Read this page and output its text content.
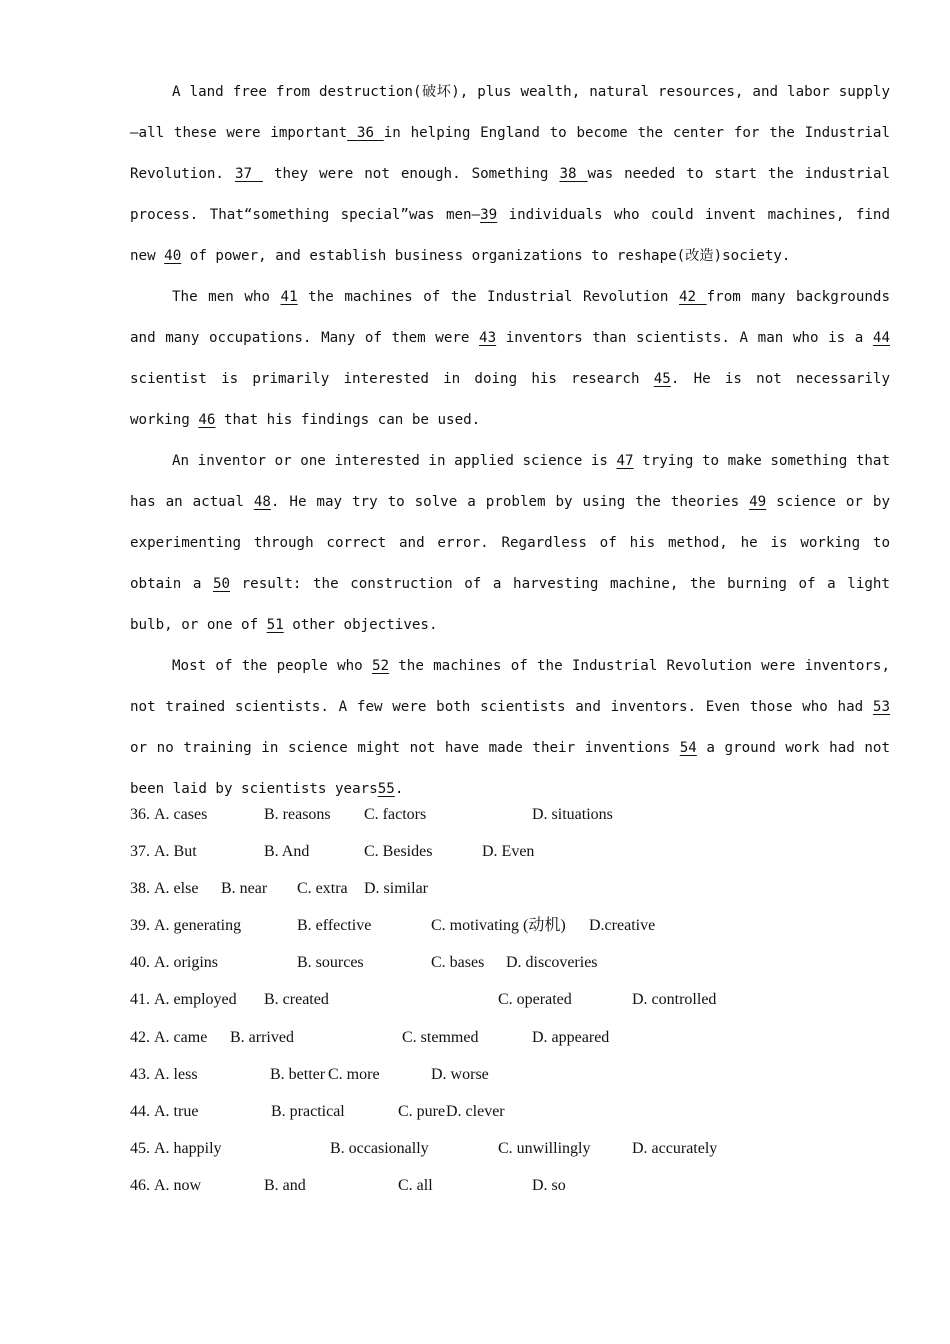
A land free from destruction(破坏), plus wealth, natural resources, and labor supply —all these were important 36 in helping England to become the center for the Industrial Revolution. 37  they were not enough. Something 38 was needed to start the industrial process. That“something special”was men—39 individuals who could invent machines, find new 40 of power, and establish business organizations to reshape(改造)society.

The men who 41 the machines of the Industrial Revolution 42 from many backgrounds and many occupations. Many of them were 43 inventors than scientists. A man who is a 44 scientist is primarily interested in doing his research 45. He is not necessarily working 46 that his findings can be used.

An inventor or one interested in applied science is 47 trying to make something that has an actual 48. He may try to solve a problem by using the theories 49 science or by experimenting through correct and error. Regardless of his method, he is working to obtain a 50 result: the construction of a harvesting machine, the burning of a light bulb, or one of 51 other objectives.

Most of the people who 52 the machines of the Industrial Revolution were inventors, not trained scientists. A few were both scientists and inventors. Even those who had 53 or no training in science might not have made their inventions 54 a ground work had not been laid by scientists years55.

36. A. cases	B. reasons C. factors	D. situations
37. A. But	B. And	C. Besides	D. Even
38. A. else B. near C. extra D. similar
39. A. generating	B. effective	C. motivating (动机) D.creative
40. A. origins	B. sources	C. bases D. discoveries
41. A. employed B. created	C. operated	D. controlled
42. A. came B. arrived	C. stemmed	D. appeared
43. A. less	B. better C. more	D. worse
44. A. true	B. practical	C. pure D. clever
45. A. happily	B. occasionally	C. unwillingly	D. accurately
46. A. now	B. and	C. all	D. so
